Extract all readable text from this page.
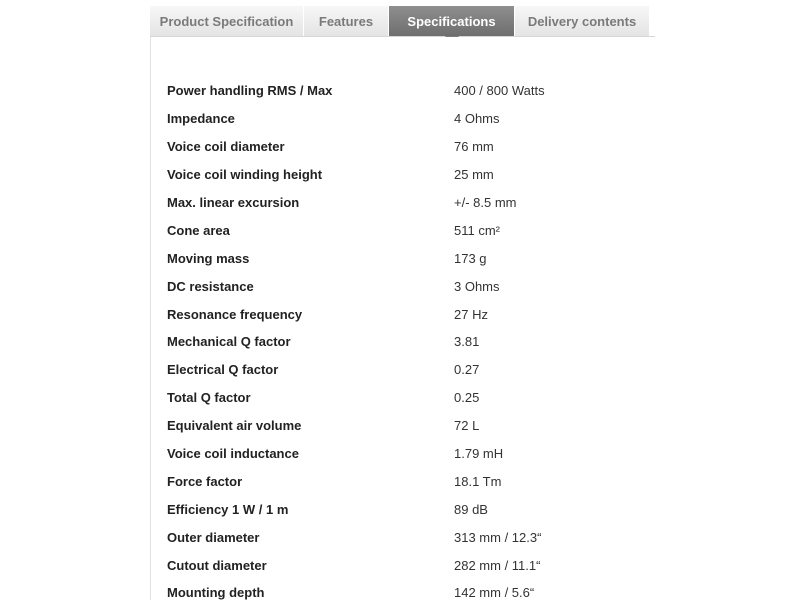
Product Specification Features	Specifications Delivery contents
Power handling RMS / Max	400 / 800 Watts
Impedance	4 Ohms
Voice coil diameter	76 mm
Voice coil winding height	25 mm
Max. linear excursion	+/- 8.5 mm
Cone area	511 cm²
Moving mass	173 g
DC resistance	3 Ohms
Resonance frequency	27 Hz
Mechanical Q factor	3.81
Electrical Q factor	0.27
Total Q factor	0.25
Equivalent air volume	72 L
Voice coil inductance	1.79 mH
Force factor	18.1 Tm
Efficiency 1 W / 1 m	89 dB
Outer diameter	313 mm / 12.3“
Cutout diameter	282 mm / 11.1“
Mounting depth	142 mm / 5.6“
